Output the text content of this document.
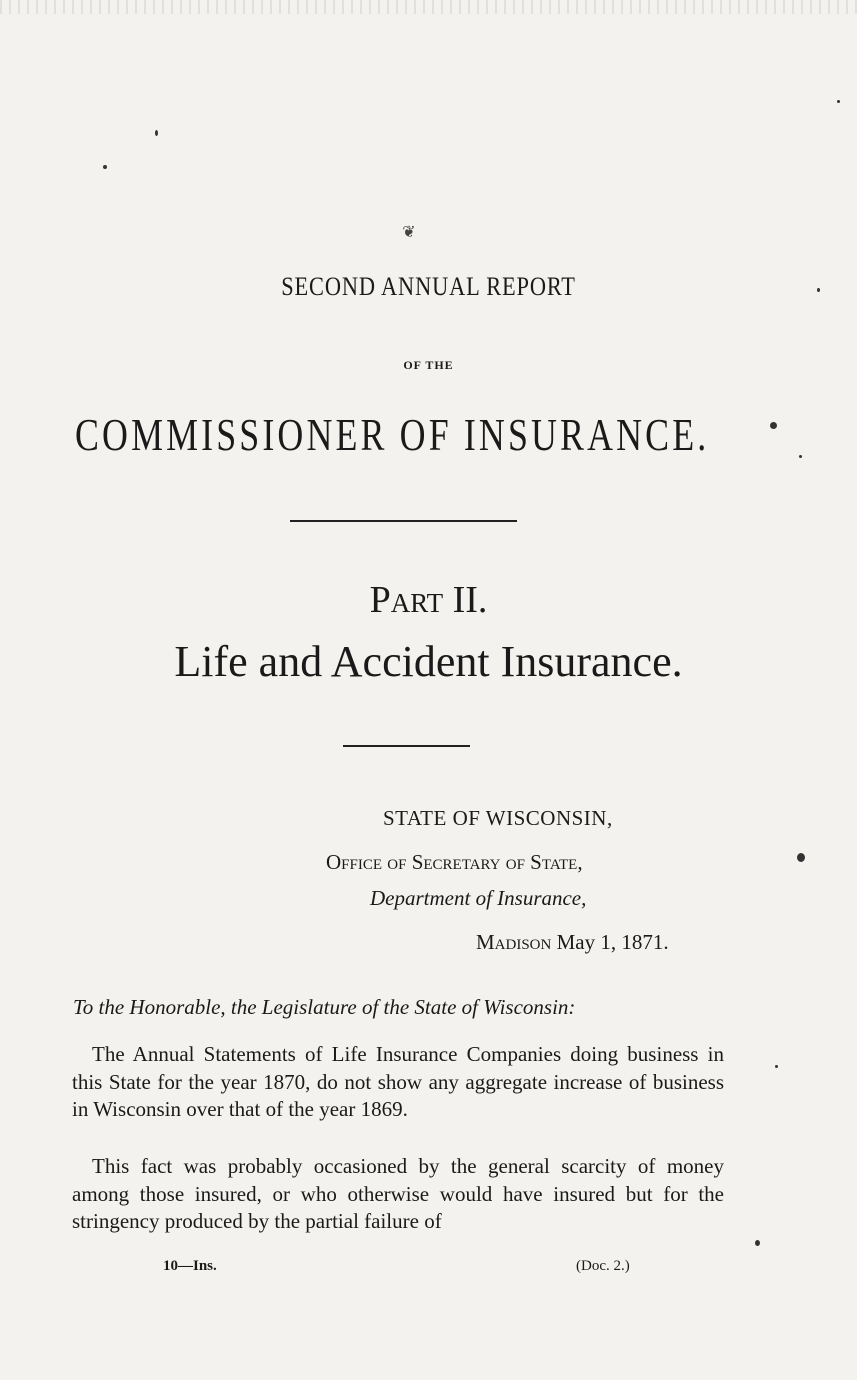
❦
SECOND ANNUAL REPORT
OF THE
COMMISSIONER OF INSURANCE.
Part II.
Life and Accident Insurance.
STATE OF WISCONSIN,
Office of Secretary of State,
Department of Insurance,
Madison May 1, 1871.
To the Honorable, the Legislature of the State of Wisconsin:
The Annual Statements of Life Insurance Companies doing business in this State for the year 1870, do not show any aggregate increase of business in Wisconsin over that of the year 1869.
This fact was probably occasioned by the general scarcity of money among those insured, or who otherwise would have insured but for the stringency produced by the partial failure of
10—Ins.	(Doc. 2.)
